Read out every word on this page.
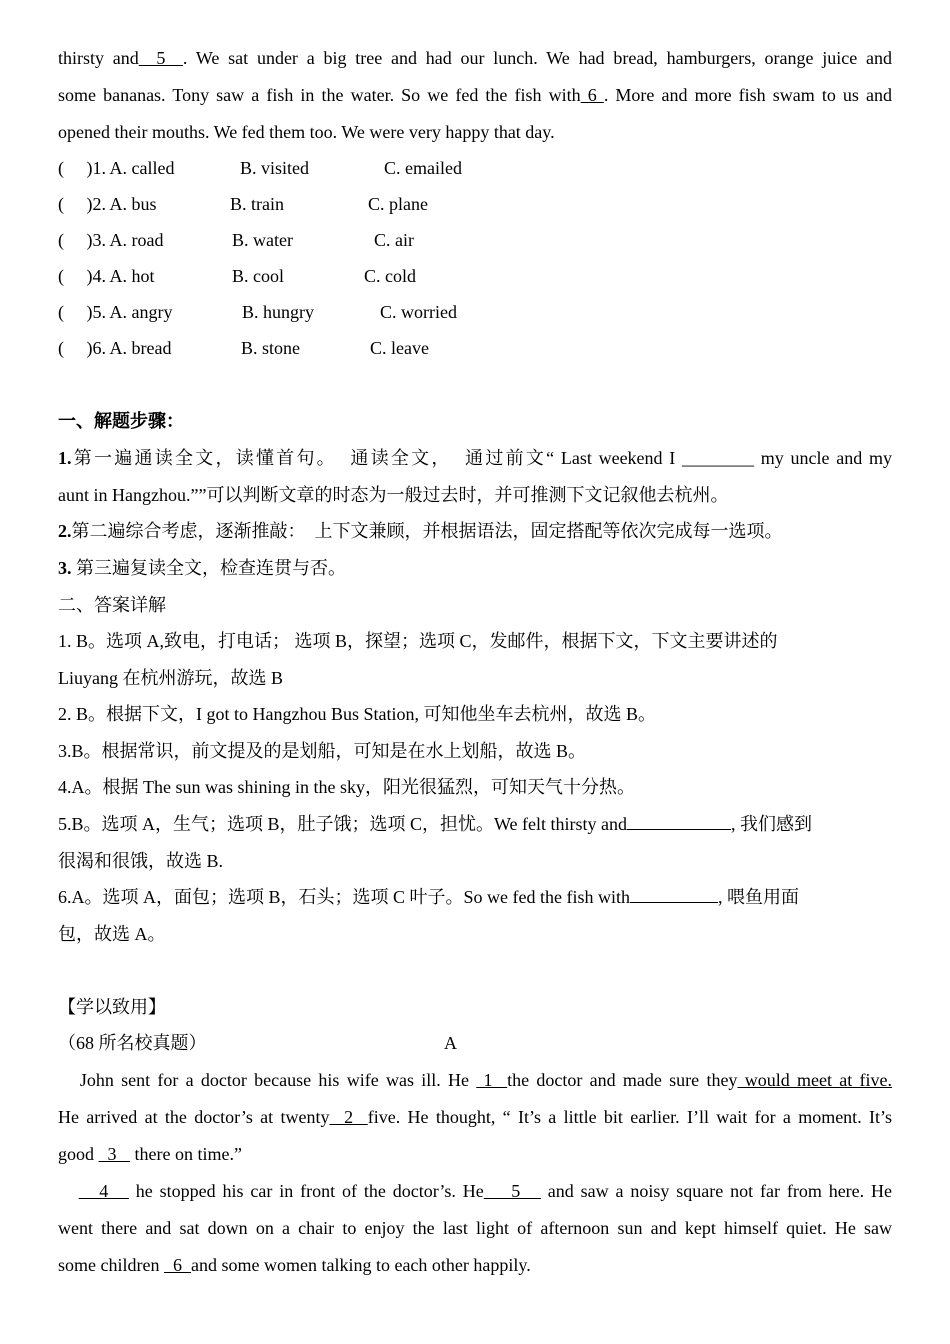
thirsty and  5  . We sat under a big tree and had our lunch. We had bread, hamburgers, orange juice and
some bananas. Tony saw a fish in the water. So we fed the fish with 6 . More and more fish swam to us and
opened their mouths. We fed them too. We were very happy that day.
(     )1. A. called	B. visited	C. emailed
(     )2. A. bus	B. train	C. plane
(     )3. A. road	B. water	C. air
(     )4. A. hot	B. cool	C. cold
(     )5. A. angry	B. hungry	C. worried
(     )6. A. bread	B. stone	C. leave
一、解题步骤：
1.第一遍通读全文，读懂首句。  通读全文，  通过前文“ Last weekend I ________ my uncle and my
aunt in Hangzhou.””可以判断文章的时态为一般过去时，并可推测下文记叙他去杭州。
2.第二遍综合考虑，逐渐推敲：  上下文兼顾，并根据语法，固定搭配等依次完成每一选项。
3. 第三遍复读全文，检查连贯与否。
二、答案详解
1. B。选项 A,致电，打电话； 选项 B，探望；选项 C，发邮件，根据下文，下文主要讲述的
Liuyang 在杭州游玩，故选 B
2. B。根据下文，I got to Hangzhou Bus Station, 可知他坐车去杭州，故选 B。
3.B。根据常识，前文提及的是划船，可知是在水上划船，故选 B。
4.A。根据 The sun was shining in the sky，阳光很猛烈，可知天气十分热。
5.B。选项 A，生气；选项 B，肚子饿；选项 C，担忧。We felt thirsty and	, 我们感到
很渴和很饿，故选 B.
6.A。选项 A，面包；选项 B，石头；选项 C 叶子。So we fed the fish with	, 喂鱼用面
包，故选 A。
【学以致用】
（68 所名校真题）	A
John sent for a doctor because his wife was ill. He  1  the doctor and made sure they would meet at five.
He arrived at the doctor’s at twenty  2  five. He thought, “ It’s a little bit earlier. I’ll wait for a moment. It’s
good   3    there on time.”
4    he stopped his car in front of the doctor’s. He    5    and saw a noisy square not far from here. He
went there and sat down on a chair to enjoy the last light of afternoon sun and kept himself quiet. He saw
some children   6  and some women talking to each other happily.
